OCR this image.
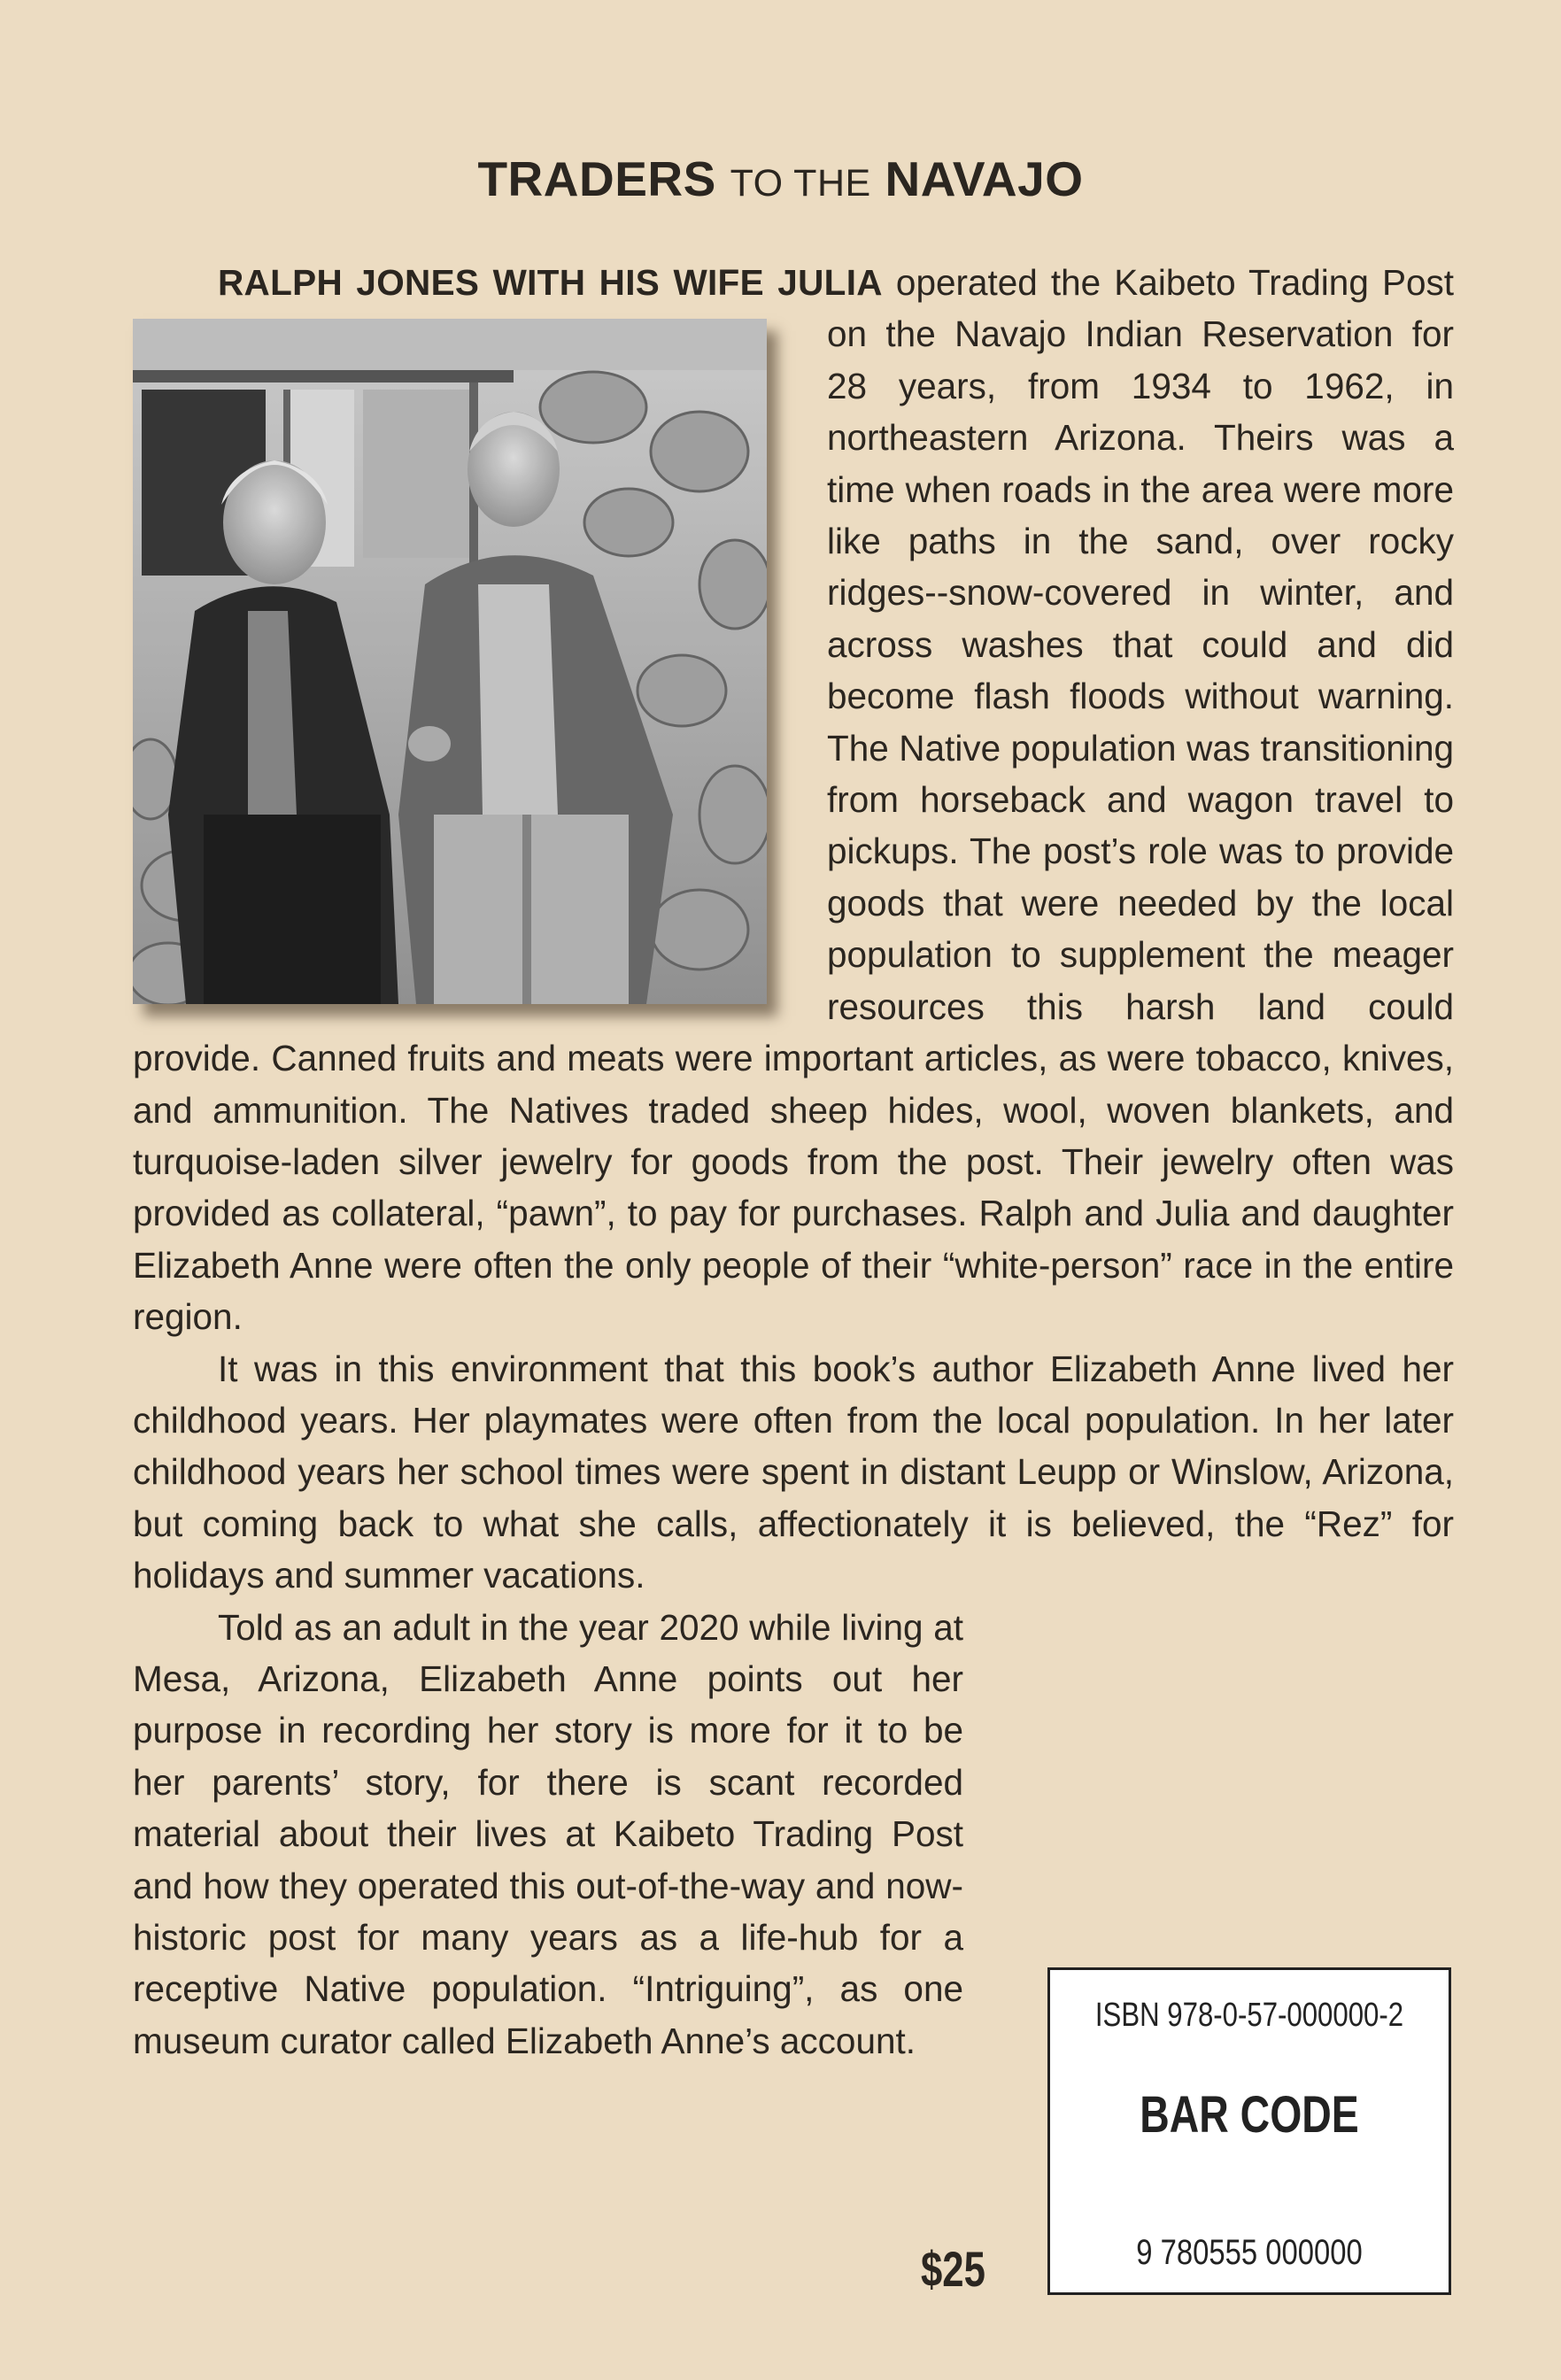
TRADERS TO THE NAVAJO

RALPH JONES WITH HIS WIFE JULIA
operated the Kaibeto Trading Post on the Navajo Indian Reservation for 28 years, from 1934 to 1962, in northeastern Arizona. Theirs was a time when roads in the area were more like paths in the sand, over rocky ridges--snow-covered in winter, and across washes that could and did become flash floods without warning. The Native population was transitioning from horseback and wagon travel to pickups. The post’s role was to provide goods that were needed by the local population to supplement the meager resources this harsh land could provide. Canned fruits and meats were important articles, as were tobacco, knives, and ammunition. The Natives traded sheep hides, wool, woven blankets, and turquoise-laden silver jewelry for goods from the post. Their jewelry often was provided as collateral, “pawn”, to pay for purchases. Ralph and Julia and daughter Elizabeth Anne were often the only people of their “white-person” race in the entire region.

It was in this environment that this book’s author Elizabeth Anne lived her childhood years. Her playmates were often from the local population. In her later childhood years her school times were spent in distant Leupp or Winslow, Arizona, but coming back to what she calls, affectionately it is believed, the “Rez” for holidays and summer vacations.

Told as an adult in the year 2020 while living at Mesa, Arizona, Elizabeth Anne points out her purpose in recording her story is more for it to be her parents’ story, for there is scant recorded material about their lives at Kaibeto Trading Post and how they operated this out-of-the-way and now-historic post for many years as a life-hub for a receptive Native population. “Intriguing”, as one museum curator called Elizabeth Anne’s account.

$25
ISBN 978-0-57-000000-2
BAR CODE
9 780555 000000
